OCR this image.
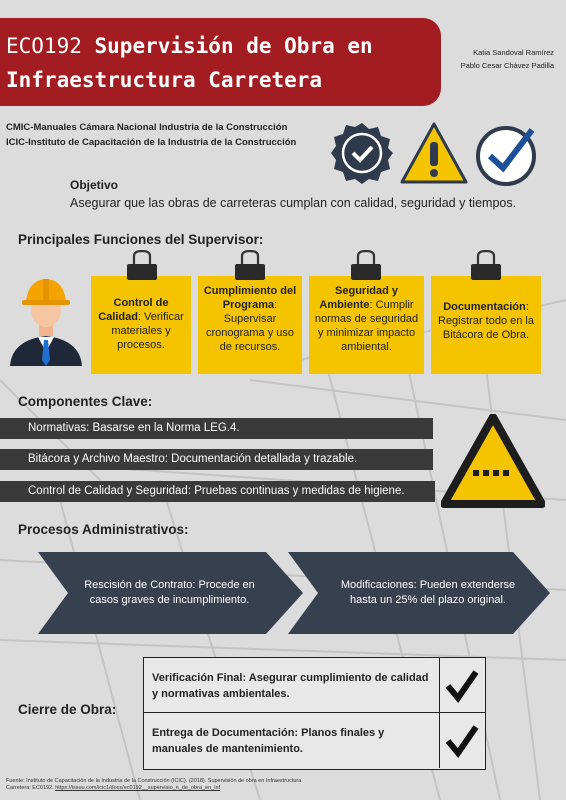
ECO192 Supervisión de Obra en
Infraestructura Carretera
Katia Sandoval Ramírez
Pablo Cesar Chávez Padilla
CMIC-Manuales Cámara Nacional Industria de la Construcción
ICIC-Instituto de Capacitación de la Industria de la Construcción
Objetivo
Asegurar que las obras de carreteras cumplan con calidad, seguridad y tiempos.
Principales Funciones del Supervisor:
Control de Calidad: Verificar materiales y procesos.
Cumplimiento del Programa: Supervisar cronograma y uso de recursos.
Seguridad y Ambiente: Cumplir normas de seguridad y minimizar impacto ambiental.
Documentación: Registrar todo en la Bitácora de Obra.
Componentes Clave:
Normativas: Basarse en la Norma LEG.4.
Bitácora y Archivo Maestro: Documentación detallada y trazable.
Control de Calidad y Seguridad: Pruebas continuas y medidas de higiene.
Procesos Administrativos:
Rescisión de Contrato: Procede en casos graves de incumplimiento.
Modificaciones: Pueden extenderse hasta un 25% del plazo original.
Cierre de Obra:
Verificación Final: Asegurar cumplimiento de calidad y normativas ambientales.
Entrega de Documentación: Planos finales y manuales de mantenimiento.
Fuente: Instituto de Capacitación de la Industria de la Construcción (ICIC). (2018). Supervisión de obra en Infraestructura Carretera: EC0192. https://issuu.com/icic1/docs/ec0192__supervisio_n_de_obra_en_inf
